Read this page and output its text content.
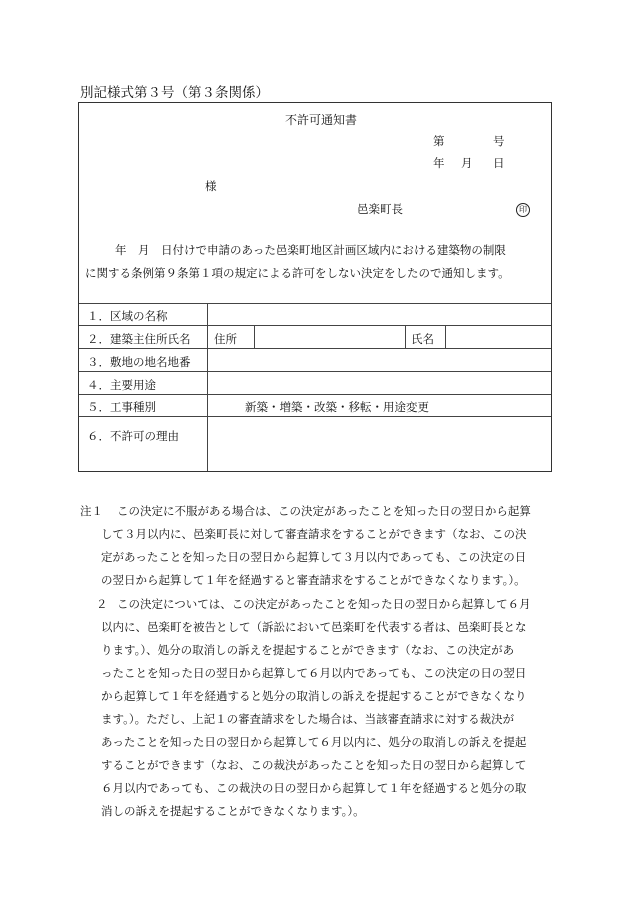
別記様式第３号（第３条関係）
不許可通知書
第	号
年 月 日
様
邑楽町長	印
年　月　日付けで申請のあった邑楽町地区計画区域内における建築物の制限
に関する条例第９条第１項の規定による許可をしない決定をしたので通知します。
１．区域の名称
２．建築主住所氏名 住所	氏名
３．敷地の地名地番
４．主要用途
５．工事種別	新築・増築・改築・移転・用途変更
６．不許可の理由
注１ この決定に不服がある場合は、この決定があったことを知った日の翌日から起算
して３月以内に、邑楽町長に対して審査請求をすることができます（なお、この決
定があったことを知った日の翌日から起算して３月以内であっても、この決定の日
の翌日から起算して１年を経過すると審査請求をすることができなくなります。）。
２ この決定については、この決定があったことを知った日の翌日から起算して６月
以内に、邑楽町を被告として（訴訟において邑楽町を代表する者は、邑楽町長とな
ります。）、処分の取消しの訴えを提起することができます（なお、この決定があ
ったことを知った日の翌日から起算して６月以内であっても、この決定の日の翌日
から起算して１年を経過すると処分の取消しの訴えを提起することができなくなり
ます。）。ただし、上記１の審査請求をした場合は、当該審査請求に対する裁決が
あったことを知った日の翌日から起算して６月以内に、処分の取消しの訴えを提起
することができます（なお、この裁決があったことを知った日の翌日から起算して
６月以内であっても、この裁決の日の翌日から起算して１年を経過すると処分の取
消しの訴えを提起することができなくなります。）。
